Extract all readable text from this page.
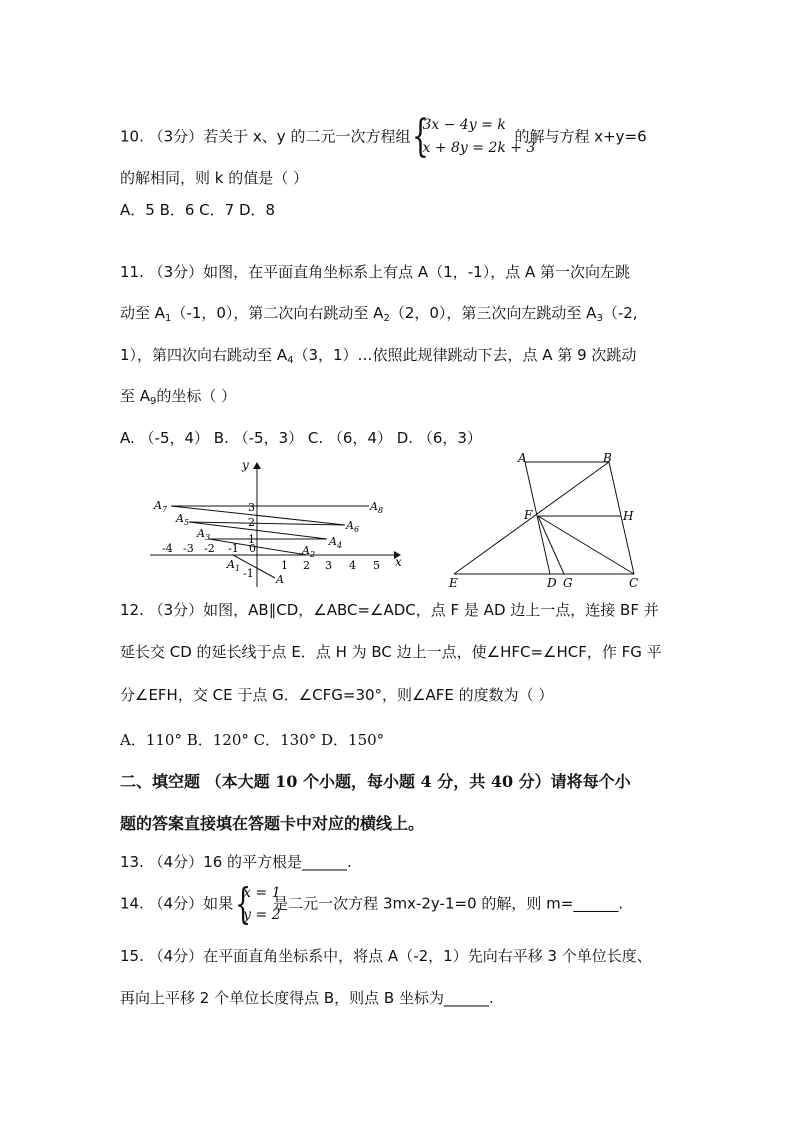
10. （3分）若关于 x、y 的二元一次方程组 {
3x − 4y = k
x + 8y = 2k + 3
的解与方程 x+y=6
的解相同，则 k 的值是（ ）
A．5 B．6 C．7 D．8
11. （3分）如图，在平面直角坐标系上有点 A（1，-1），点 A 第一次向左跳
动至 $A_1(-1$，0），第二次向右跳动至 $A_2(2$，0），第三次向左跳动至 $A_3(-2$,
1），第四次向右跳动至 $A_4(3$，1）…依照此规律跳动下去，点 A 第 9 次跳动
至 $A_9$的坐标（ ）
A. （-5，4） B. （-5，3） C. （6，4） D. （6，3）
y
x
3
2
1
-1
-4 -3 -2 -1 0
1 2 3 4 5
A
$A_1$
$A_2$
$A_3$	$A_4$
$A_5$	$A_6$
$A_7$	$A_8$
A	B
F	H
E	D G	C
12. （3分）如图，AB∥CD，∠ABC=∠ADC，点 F 是 AD 边上一点，连接 BF 并
延长交 CD 的延长线于点 E．点 H 为 BC 边上一点，使∠HFC=∠HCF，作 FG 平
分∠EFH，交 CE 于点 G．∠CFG=30°，则∠AFE 的度数为（ ）
A．110° B．120° C．130° D．150°
二、填空题 （本大题 10 个小题，每小题 4 分，共 40 分）请将每个小
题的答案直接填在答题卡中对应的横线上。
13. （4分）16 的平方根是______.
14. （4分）如果 {
x = 1
y = 2
是二元一次方程 3mx-2y-1=0 的解，则 m=______.
15. （4分）在平面直角坐标系中，将点 A（-2，1）先向右平移 3 个单位长度、
再向上平移 2 个单位长度得点 B，则点 B 坐标为______.
